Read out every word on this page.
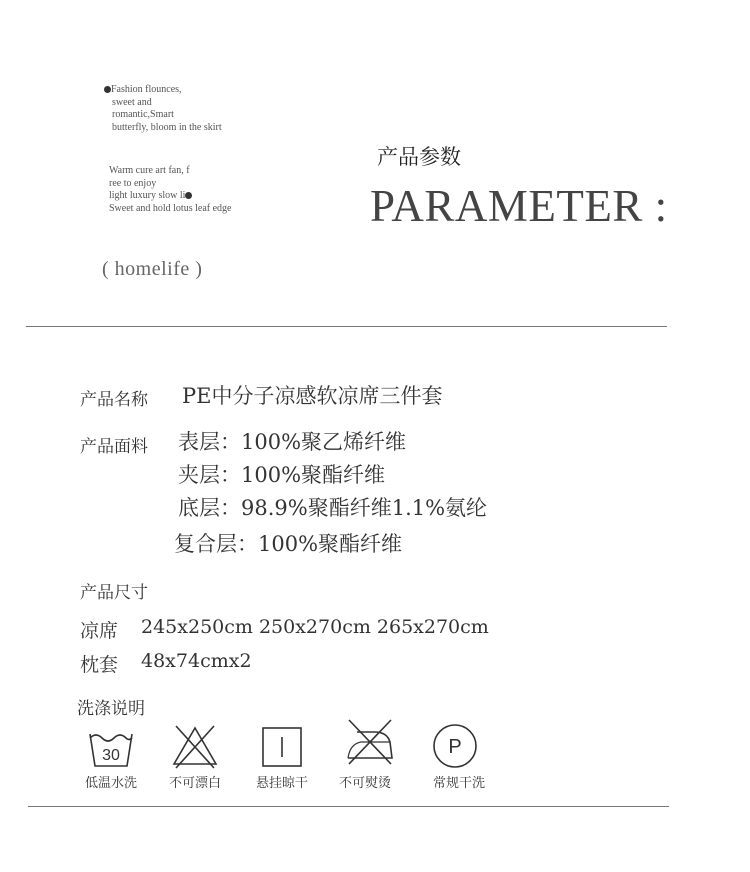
Fashion flounces,
sweet and
romantic,Smart
butterfly, bloom in the skirt
Warm cure art fan, f
ree to enjoy
light luxury slow li
Sweet and hold lotus leaf edge
( homelife )
产品参数
PARAMETER :
产品名称 PE中分子凉感软凉席三件套
产品面料 表层：100%聚乙烯纤维
夹层：100%聚酯纤维
底层：98.9%聚酯纤维1.1%氨纶
复合层：100%聚酯纤维
产品尺寸
凉席 245x250cm 250x270cm 265x270cm
枕套 48x74cmx2
洗涤说明
30
低温水洗	不可漂白	悬挂晾干	不可熨烫
P
常规干洗
